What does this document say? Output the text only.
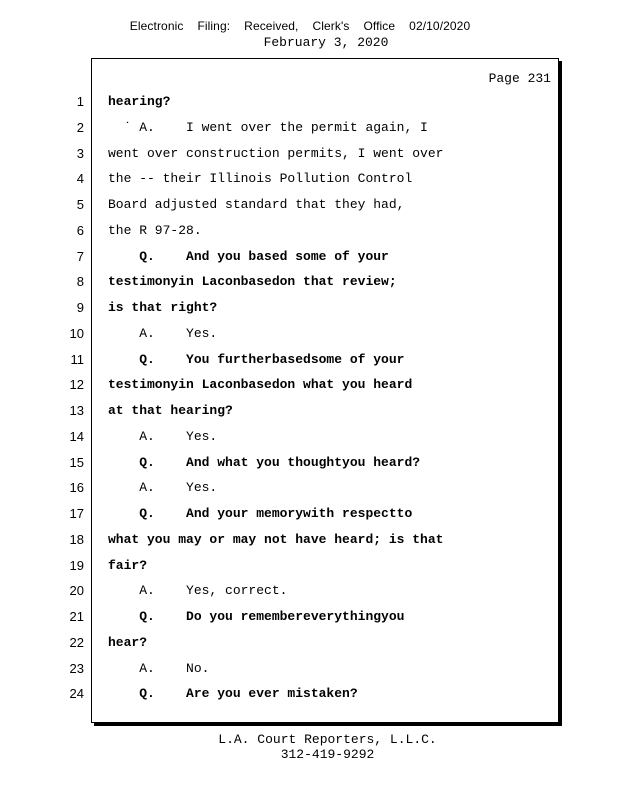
Electronic Filing: Received, Clerk's Office 02/10/2020
February 3, 2020
Page 231
1 hearing?
2 ˙ A.    I went over the permit again, I
3 went over construction permits, I went over
4 the -- their Illinois Pollution Control
5 Board adjusted standard that they had,
6 the R 97-28.
7 Q.    And you based some of your
8 testimonyin Laconbasedon that review;
9 is that right?
10 A.    Yes.
11 Q.    You furtherbasedsome of your
12 testimonyin Laconbasedon what you heard
13 at that hearing?
14 A.    Yes.
15 Q.    And what you thoughtyou heard?
16 A.    Yes.
17 Q.    And your memorywith respectto
18 what you may or may not have heard; is that
19 fair?
20 A.    Yes, correct.
21 Q.    Do you remembereverythingyou
22 hear?
23 A.    No.
24 Q.    Are you ever mistaken?
L.A. Court Reporters, L.L.C.
312-419-9292
